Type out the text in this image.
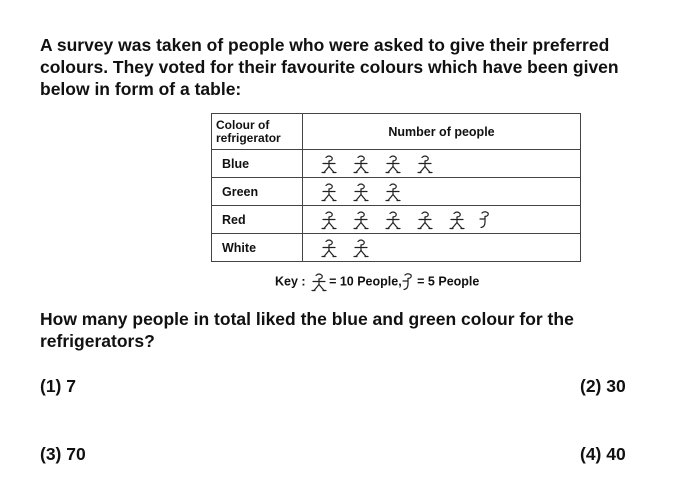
A survey was taken of people who were asked to give their preferred
colours. They voted for their favourite colours which have been given
below in form of a table:
Colour of
refrigerator	Number of people
Blue	
Green	
Red	
White	
Key : = 10 People, = 5 People
How many people in total liked the blue and green colour for the
refrigerators?
(1) 7	(2) 30
(3) 70	(4) 40
